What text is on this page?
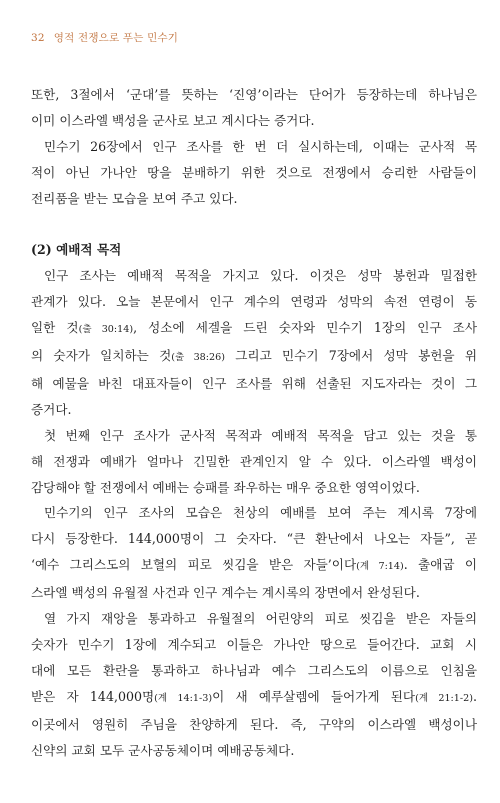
32 영적 전쟁으로 푸는 민수기
또한, 3절에서 ‘군대’를 뜻하는 ‘진영’이라는 단어가 등장하는데 하나님은
이미 이스라엘 백성을 군사로 보고 계시다는 증거다.
민수기 26장에서 인구 조사를 한 번 더 실시하는데, 이때는 군사적 목
적이 아닌 가나안 땅을 분배하기 위한 것으로 전쟁에서 승리한 사람들이
전리품을 받는 모습을 보여 주고 있다.
(2) 예배적 목적
인구 조사는 예배적 목적을 가지고 있다. 이것은 성막 봉헌과 밀접한
관계가 있다. 오늘 본문에서 인구 계수의 연령과 성막의 속전 연령이 동
일한 것(출 30:14), 성소에 세겔을 드린 숫자와 민수기 1장의 인구 조사
의 숫자가 일치하는 것(출 38:26) 그리고 민수기 7장에서 성막 봉헌을 위
해 예물을 바친 대표자들이 인구 조사를 위해 선출된 지도자라는 것이 그
증거다.
첫 번째 인구 조사가 군사적 목적과 예배적 목적을 담고 있는 것을 통
해 전쟁과 예배가 얼마나 긴밀한 관계인지 알 수 있다. 이스라엘 백성이
감당해야 할 전쟁에서 예배는 승패를 좌우하는 매우 중요한 영역이었다.
민수기의 인구 조사의 모습은 천상의 예배를 보여 주는 계시록 7장에
다시 등장한다. 144,000명이 그 숫자다. “큰 환난에서 나오는 자들”, 곧
‘예수 그리스도의 보혈의 피로 씻김을 받은 자들’이다(계 7:14). 출애굽 이
스라엘 백성의 유월절 사건과 인구 계수는 계시록의 장면에서 완성된다.
열 가지 재앙을 통과하고 유월절의 어린양의 피로 씻김을 받은 자들의
숫자가 민수기 1장에 계수되고 이들은 가나안 땅으로 들어간다. 교회 시
대에 모든 환란을 통과하고 하나님과 예수 그리스도의 이름으로 인침을
받은 자 144,000명(계 14:1-3)이 새 예루살렘에 들어가게 된다(계 21:1-2).
이곳에서 영원히 주님을 찬양하게 된다. 즉, 구약의 이스라엘 백성이나
신약의 교회 모두 군사공동체이며 예배공동체다.
